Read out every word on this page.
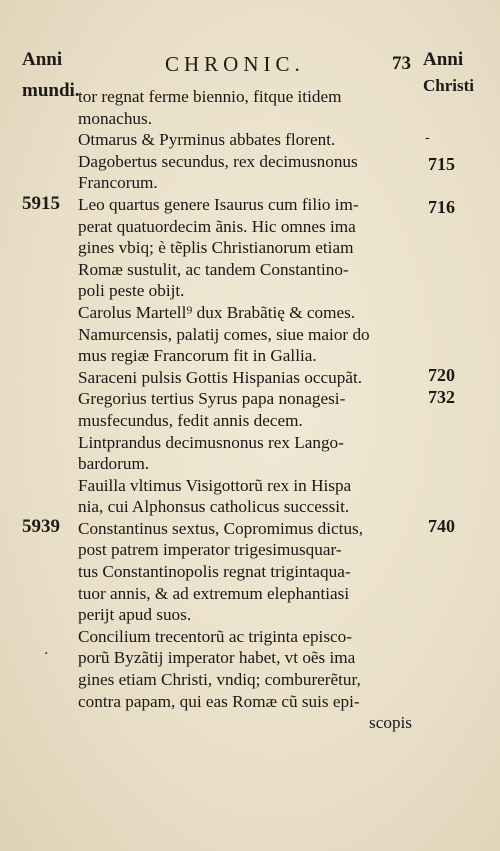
Anni
mundi.
CHRONIC.	73 Anni
Christi
-
·
5915
5939
715
716
720
732
740
tor regnat ferme biennio, fitque itidem
monachus.
Otmarus & Pyrminus abbates florent.
Dagobertus secundus, rex decimusnonus
Francorum.
Leo quartus genere Isaurus cum filio im-
perat quatuordecim ãnis. Hic omnes ima
gines vbiq; è tẽplis Christianorum etiam
Romæ sustulit, ac tandem Constantino-
poli peste obijt.
Carolus Martell⁹ dux Brabãtię & comes.
Namurcensis, palatij comes, siue maior do
mus regiæ Francorum fit in Gallia.
Saraceni pulsis Gottis Hispanias occupãt.
Gregorius tertius Syrus papa nonagesi-
musfecundus, fedit annis decem.
Lintprandus decimusnonus rex Lango-
bardorum.
Fauilla vltimus Visigottorũ rex in Hispa
nia, cui Alphonsus catholicus successit.
Constantinus sextus, Copromimus dictus,
post patrem imperator trigesimusquar-
tus Constantinopolis regnat trigintaqua-
tuor annis, & ad extremum elephantiasi
perijt apud suos.
Concilium trecentorũ ac triginta episco-
porũ Byzãtij imperator habet, vt oẽs ima
gines etiam Christi, vndiq; comburerẽtur,
contra papam, qui eas Romæ cũ suis epi-
scopis
